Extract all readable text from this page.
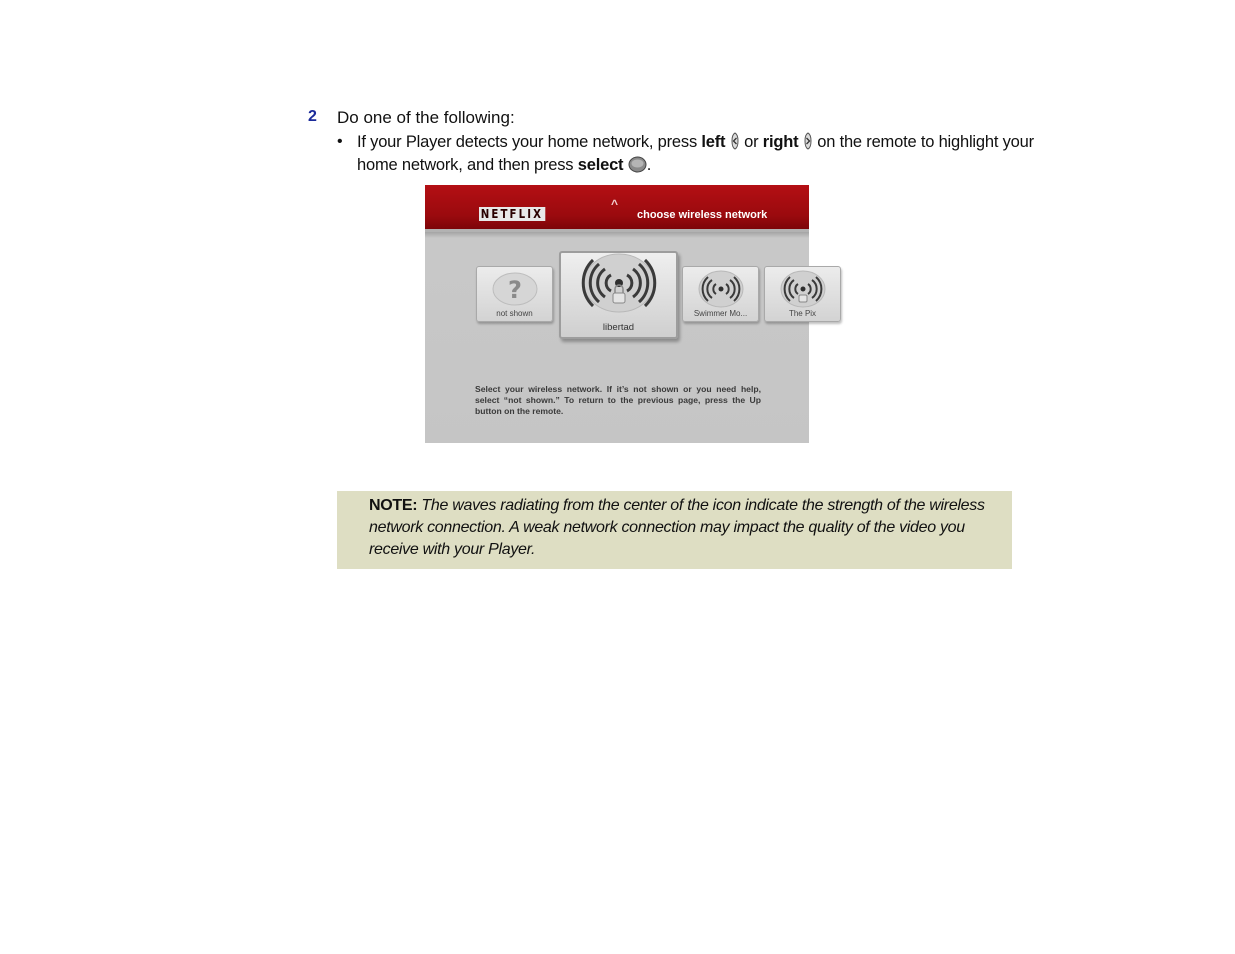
2 Do one of the following:
• If your Player detects your home network, press left  or right  on the remote to highlight your home network, and then press select .
NETFLIX
^
choose wireless network
?
not shown
libertad
Swimmer Mo...	The Pix
Select your wireless network. If it’s not shown or you need help, select “not shown.” To return to the previous page, press the Up button on the remote.
NOTE: The waves radiating from the center of the icon indicate the strength of the wireless network connection. A weak network connection may impact the quality of the video you receive with your Player.
